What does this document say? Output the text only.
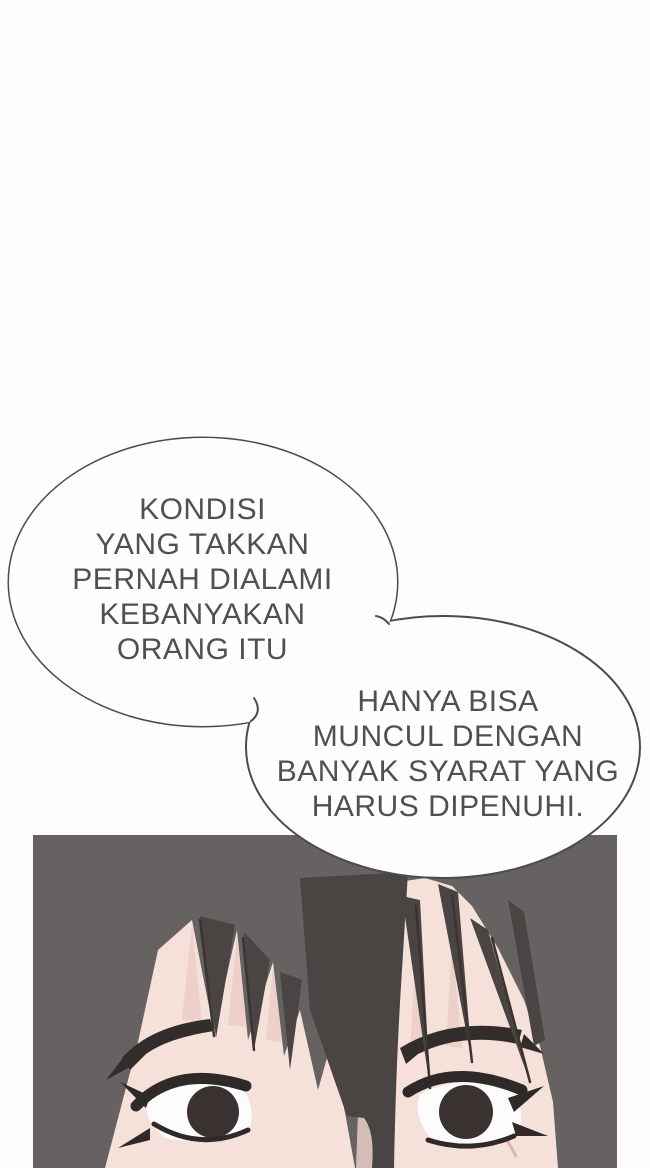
KONDISI
YANG TAKKAN
PERNAH DIALAMI
KEBANYAKAN
ORANG ITU
HANYA BISA
MUNCUL DENGAN
BANYAK SYARAT YANG
HARUS DIPENUHI.
